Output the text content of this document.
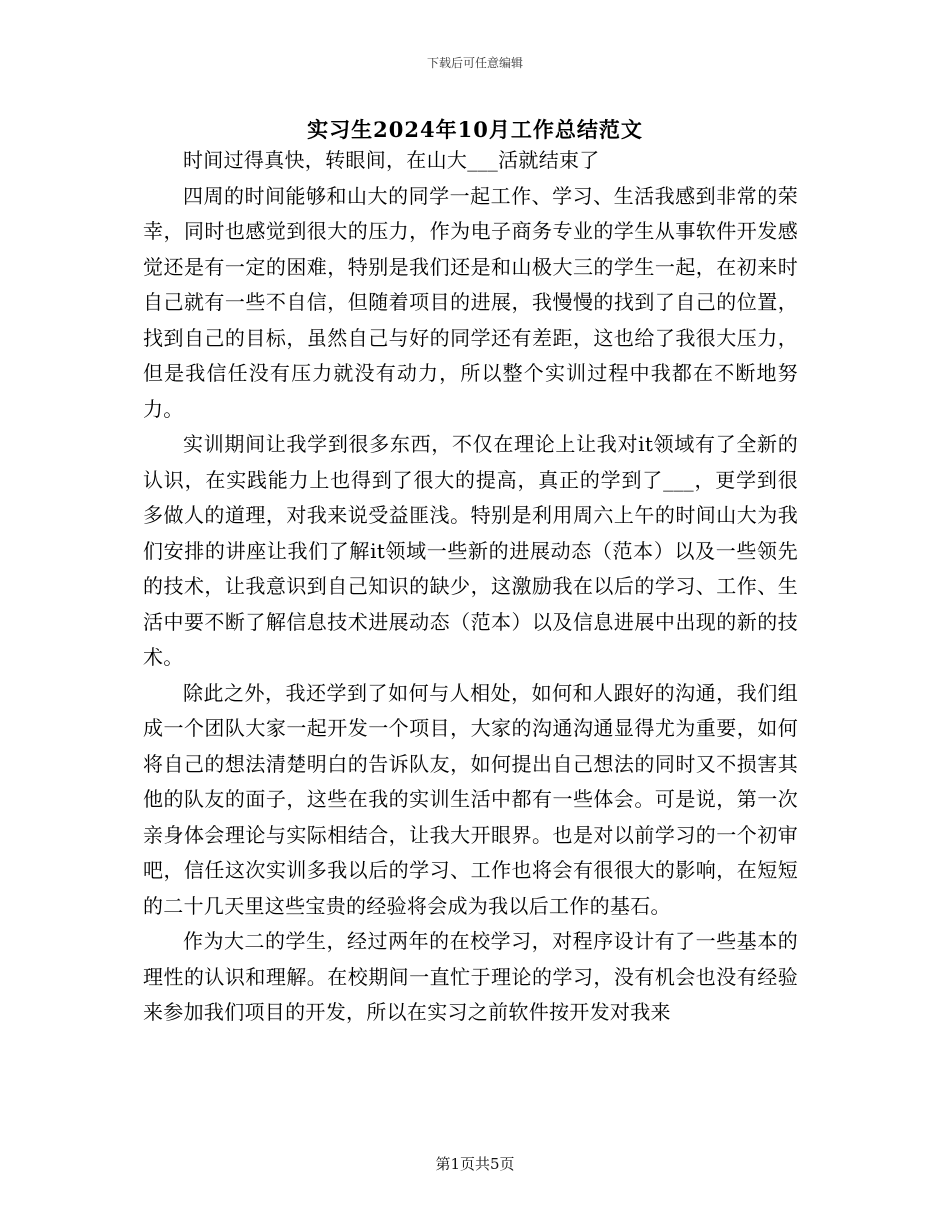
下载后可任意编辑
实习生2024年10月工作总结范文

时间过得真快，转眼间，在山大___活就结束了

四周的时间能够和山大的同学一起工作、学习、生活我感到非常的荣幸，同时也感觉到很大的压力，作为电子商务专业的学生从事软件开发感觉还是有一定的困难，特别是我们还是和山极大三的学生一起，在初来时自己就有一些不自信，但随着项目的进展，我慢慢的找到了自己的位置，找到自己的目标，虽然自己与好的同学还有差距，这也给了我很大压力，但是我信任没有压力就没有动力，所以整个实训过程中我都在不断地努力。

实训期间让我学到很多东西，不仅在理论上让我对it领域有了全新的认识，在实践能力上也得到了很大的提高，真正的学到了___，更学到很多做人的道理，对我来说受益匪浅。特别是利用周六上午的时间山大为我们安排的讲座让我们了解it领域一些新的进展动态（范本）以及一些领先的技术，让我意识到自己知识的缺少，这激励我在以后的学习、工作、生活中要不断了解信息技术进展动态（范本）以及信息进展中出现的新的技术。

除此之外，我还学到了如何与人相处，如何和人跟好的沟通，我们组成一个团队大家一起开发一个项目，大家的沟通沟通显得尤为重要，如何将自己的想法清楚明白的告诉队友，如何提出自己想法的同时又不损害其他的队友的面子，这些在我的实训生活中都有一些体会。可是说，第一次亲身体会理论与实际相结合，让我大开眼界。也是对以前学习的一个初审吧，信任这次实训多我以后的学习、工作也将会有很很大的影响，在短短的二十几天里这些宝贵的经验将会成为我以后工作的基石。

作为大二的学生，经过两年的在校学习，对程序设计有了一些基本的理性的认识和理解。在校期间一直忙于理论的学习，没有机会也没有经验来参加我们项目的开发，所以在实习之前软件按开发对我来

第1页共5页
